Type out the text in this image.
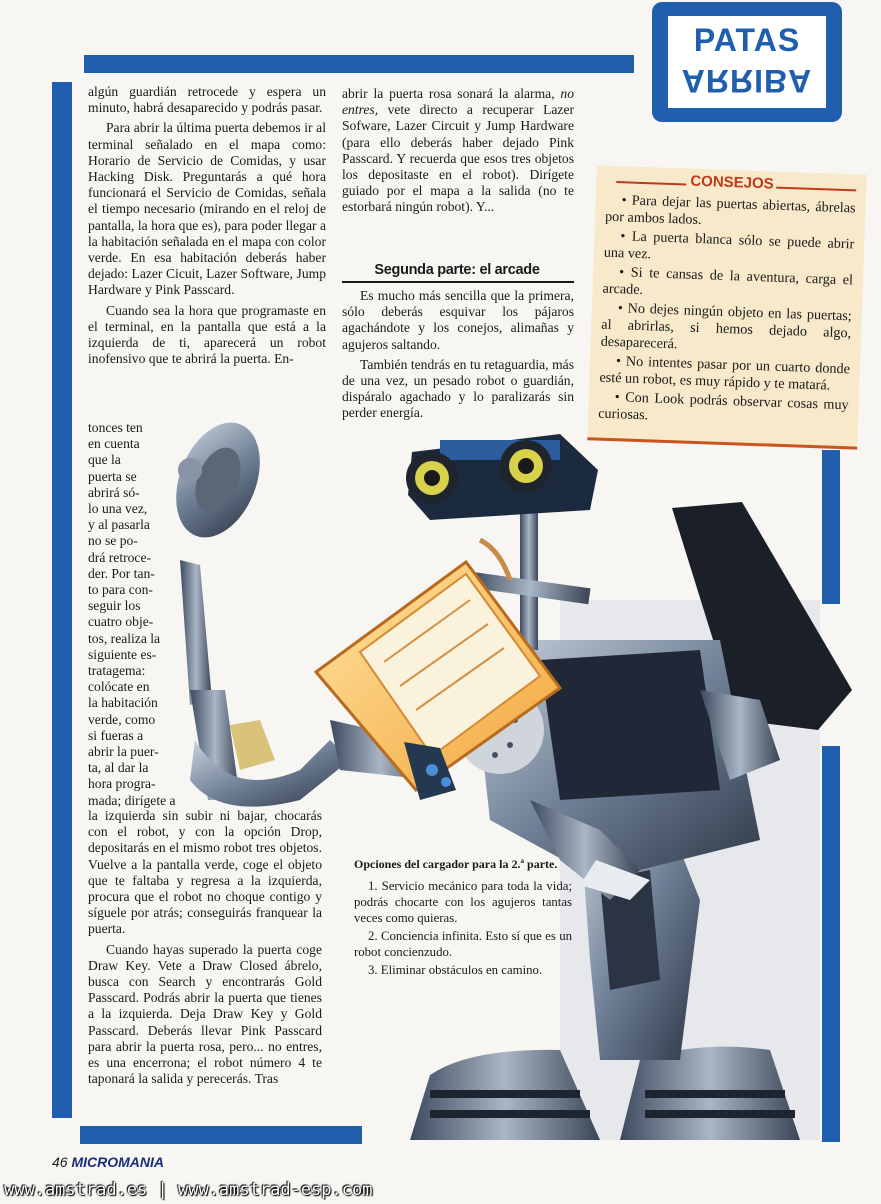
PATAS
ARRIBA

algún guardián retrocede y espera un minuto, habrá desaparecido y podrás pasar.

Para abrir la última puerta debemos ir al terminal señalado en el mapa como: Horario de Servicio de Comidas, y usar Hacking Disk. Preguntarás a qué hora funcionará el Servicio de Comidas, señala el tiempo necesario (mirando en el reloj de pantalla, la hora que es), para poder llegar a la habitación señalada en el mapa con color verde. En esa habitación deberás haber dejado: Lazer Cicuit, Lazer Software, Jump Hardware y Pink Passcard.

Cuando sea la hora que programaste en el terminal, en la pantalla que está a la izquierda de ti, aparecerá un robot inofensivo que te abrirá la puerta. En-

tonces ten
en cuenta
que la
puerta se
abrirá só-
lo una vez,
y al pasarla
no se po-
drá retroce-
der. Por tan-
to para con-
seguir los
cuatro obje-
tos, realiza la
siguiente es-
tratagema:
colócate en
la habitación
verde, como
si fueras a
abrir la puer-
ta, al dar la
hora progra-
mada; dirígete a

la izquierda sin subir ni bajar, chocarás con el robot, y con la opción Drop, depositarás en el mismo robot tres objetos. Vuelve a la pantalla verde, coge el objeto que te faltaba y regresa a la izquierda, procura que el robot no choque contigo y síguele por atrás; conseguirás franquear la puerta.

Cuando hayas superado la puerta coge Draw Key. Vete a Draw Closed ábrelo, busca con Search y encontrarás Gold Passcard. Podrás abrir la puerta que tienes a la izquierda. Deja Draw Key y Gold Passcard. Deberás llevar Pink Passcard para abrir la puerta rosa, pero... no entres, es una encerrona; el robot número 4 te taponará la salida y perecerás. Tras

abrir la puerta rosa sonará la alarma, no entres, vete directo a recuperar Lazer Sofware, Lazer Circuit y Jump Hardware (para ello deberás haber dejado Pink Passcard. Y recuerda que esos tres objetos los depositaste en el robot). Dirígete guiado por el mapa a la salida (no te estorbará ningún robot). Y...

Segunda parte: el arcade

Es mucho más sencilla que la primera, sólo deberás esquivar los pájaros agachándote y los conejos, alimañas y agujeros saltando.

También tendrás en tu retaguardia, más de una vez, un pesado robot o guardián, dispáralo agachado y lo paralizarás sin perder energía.

CONSEJOS

• Para dejar las puertas abiertas, ábrelas por ambos lados.

• La puerta blanca sólo se puede abrir una vez.

• Si te cansas de la aventura, carga el arcade.

• No dejes ningún objeto en las puertas; al abrirlas, si hemos dejado algo, desaparecerá.

• No intentes pasar por un cuarto donde esté un robot, es muy rápido y te matará.

• Con Look podrás observar cosas muy curiosas.

Opciones del cargador para la 2.ª parte.

1. Servicio mecánico para toda la vida; podrás chocarte con los agujeros tantas veces como quieras.

2. Conciencia infinita. Esto sí que es un robot concienzudo.

3. Eliminar obstáculos en camino.

46 MICROMANIA
www.amstrad.es | www.amstrad-esp.com
